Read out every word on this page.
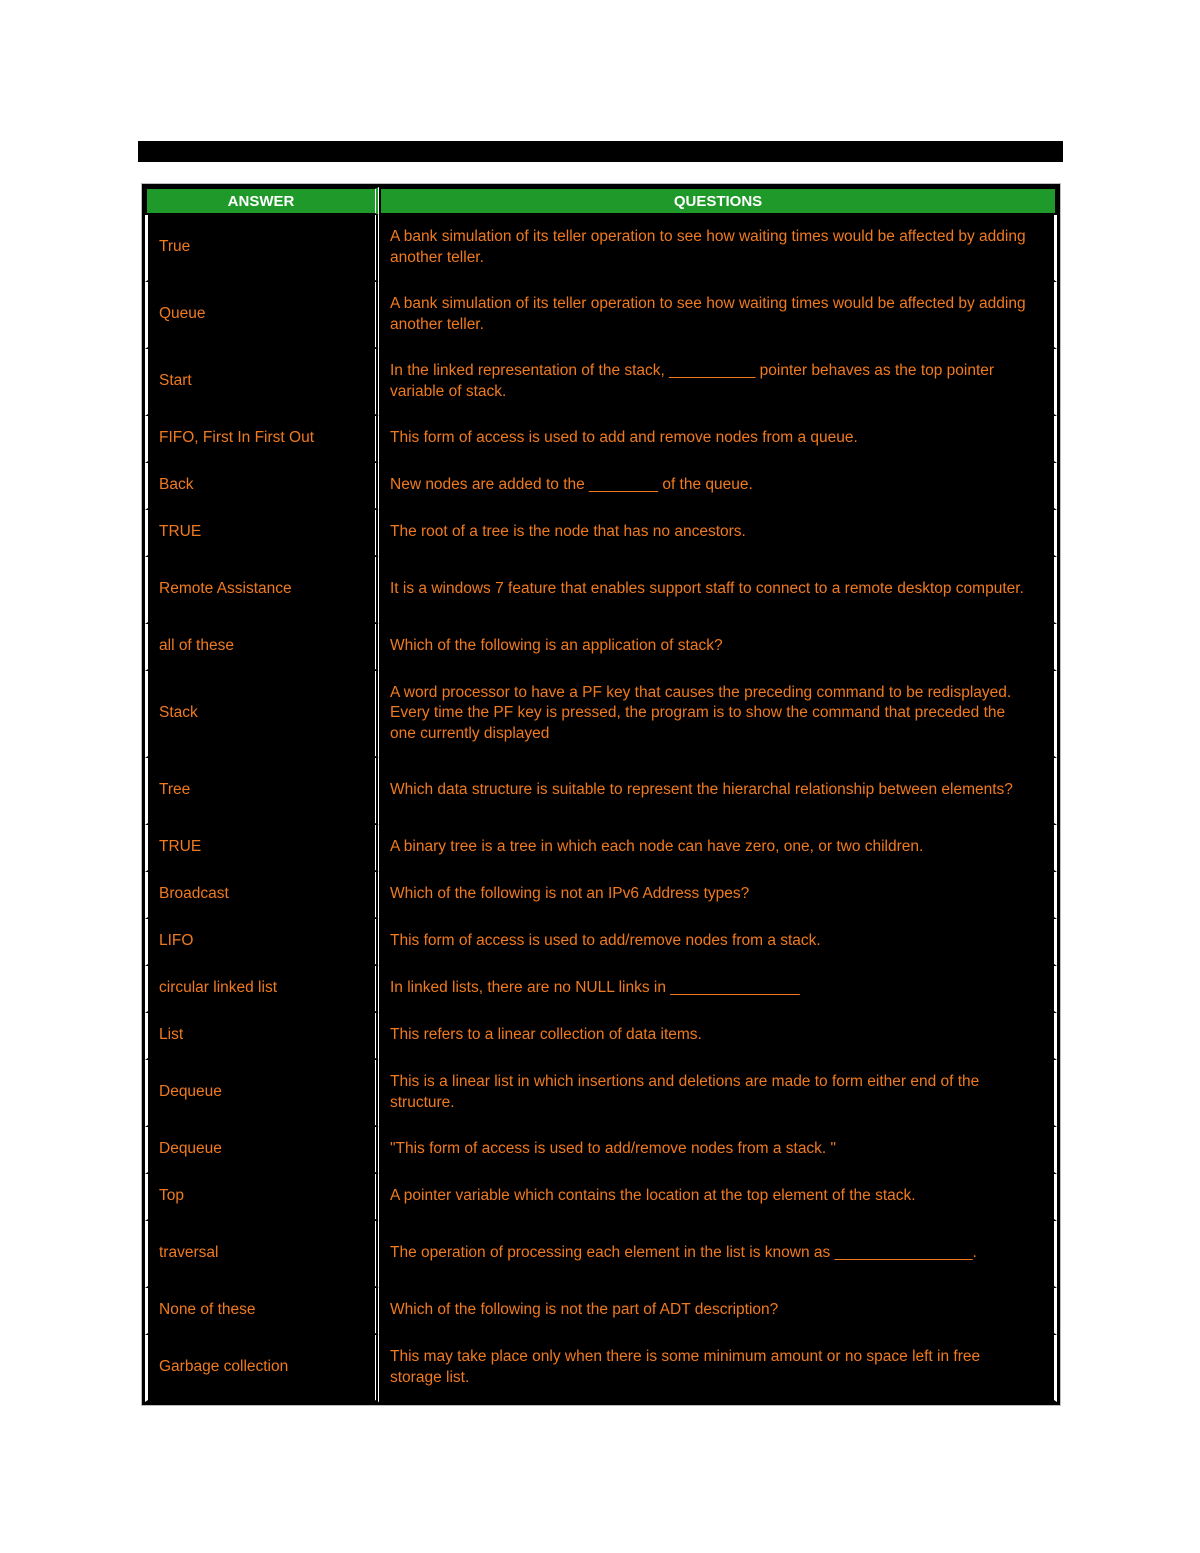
ANSWER	QUESTIONS
True	A bank simulation of its teller operation to see how waiting times would be affected by adding another teller.
Queue	A bank simulation of its teller operation to see how waiting times would be affected by adding another teller.
Start	In the linked representation of the stack, __________ pointer behaves as the top pointer variable of stack.
FIFO, First In First Out	This form of access is used to add and remove nodes from a queue.
Back	New nodes are added to the ________ of the queue.
TRUE	The root of a tree is the node that has no ancestors.
Remote Assistance	It is a windows 7 feature that enables support staff to connect to a remote desktop computer.
all of these	Which of the following is an application of stack?
Stack	A word processor to have a PF key that causes the preceding command to be redisplayed. Every time the PF key is pressed, the program is to show the command that preceded the one currently displayed
Tree	Which data structure is suitable to represent the hierarchal relationship between elements?
TRUE	A binary tree is a tree in which each node can have zero, one, or two children.
Broadcast	Which of the following is not an IPv6 Address types?
LIFO	This form of access is used to add/remove nodes from a stack.
circular linked list	In linked lists, there are no NULL links in _______________
List	This refers to a linear collection of data items.
Dequeue	This is a linear list in which insertions and deletions are made to form either end of the structure.
Dequeue	"This form of access is used to add/remove nodes from a stack. "
Top	A pointer variable which contains the location at the top element of the stack.
traversal	The operation of processing each element in the list is known as ________________.
None of these	Which of the following is not the part of ADT description?
Garbage collection	This may take place only when there is some minimum amount or no space left in free storage list.
